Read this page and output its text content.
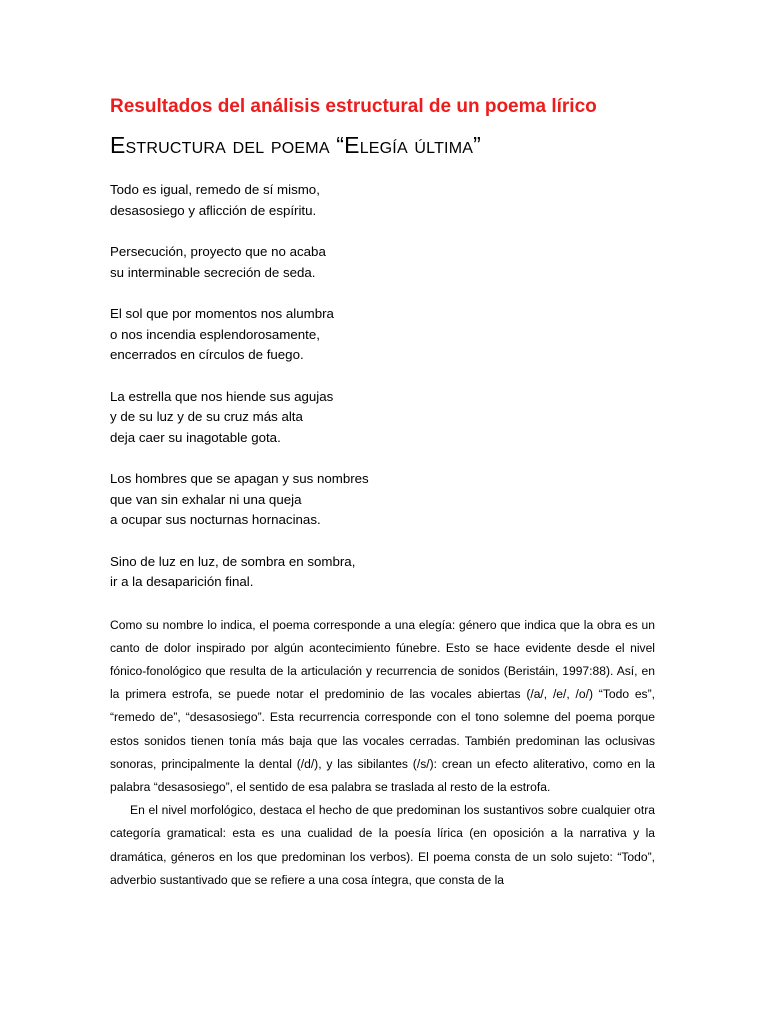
Resultados del análisis estructural de un poema lírico
Estructura del poema “Elegía última”
Todo es igual, remedo de sí mismo,
desasosiego y aflicción de espíritu.
Persecución, proyecto que no acaba
su interminable secreción de seda.
El sol que por momentos nos alumbra
o nos incendia esplendorosamente,
encerrados en círculos de fuego.
La estrella que nos hiende sus agujas
y de su luz y de su cruz más alta
deja caer su inagotable gota.
Los hombres que se apagan y sus nombres
que van sin exhalar ni una queja
a ocupar sus nocturnas hornacinas.
Sino de luz en luz, de sombra en sombra,
ir a la desaparición final.

Como su nombre lo indica, el poema corresponde a una elegía: género que indica que la obra es un canto de dolor inspirado por algún acontecimiento fúnebre. Esto se hace evidente desde el nivel fónico-fonológico que resulta de la articulación y recurrencia de sonidos (Beristáin, 1997:88). Así, en la primera estrofa, se puede notar el predominio de las vocales abiertas (/a/, /e/, /o/) “Todo es”, “remedo de”, “desasosiego”. Esta recurrencia corresponde con el tono solemne del poema porque estos sonidos tienen tonía más baja que las vocales cerradas. También predominan las oclusivas sonoras, principalmente la dental (/d/), y las sibilantes (/s/): crean un efecto aliterativo, como en la palabra “desasosiego”, el sentido de esa palabra se traslada al resto de la estrofa.

En el nivel morfológico, destaca el hecho de que predominan los sustantivos sobre cualquier otra categoría gramatical: esta es una cualidad de la poesía lírica (en oposición a la narrativa y la dramática, géneros en los que predominan los verbos). El poema consta de un solo sujeto: “Todo”, adverbio sustantivado que se refiere a una cosa íntegra, que consta de la
